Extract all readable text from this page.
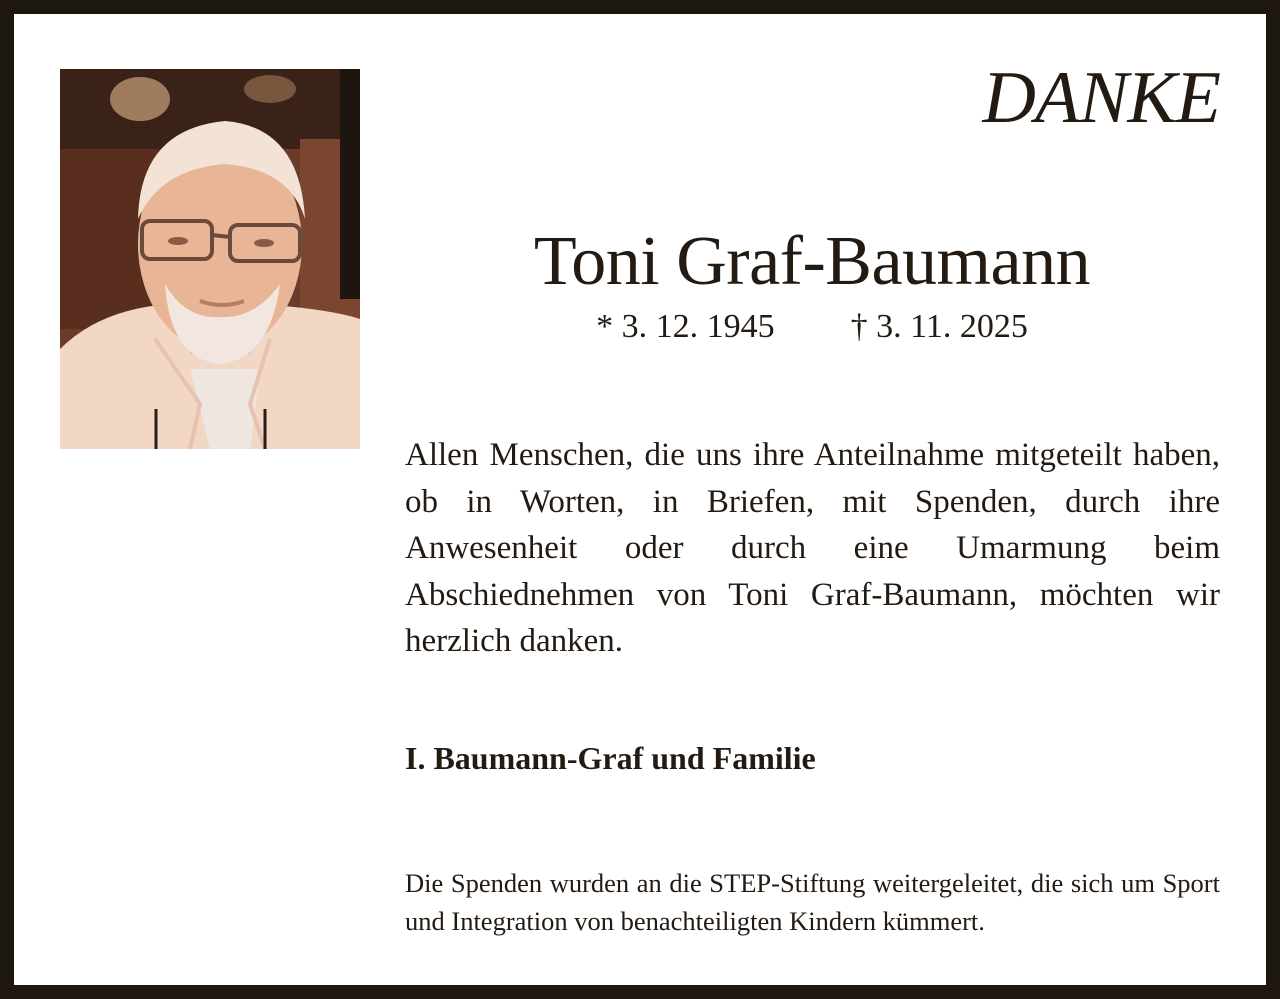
DANKE
Toni Graf-Baumann
* 3. 12. 1945 † 3. 11. 2025

Allen Menschen, die uns ihre Anteilnahme mitgeteilt haben, ob in Worten, in Briefen, mit Spenden, durch ihre Anwesenheit oder durch eine Umarmung beim Abschiednehmen von Toni Graf-Baumann, möchten wir herzlich danken.

I. Baumann-Graf und Familie

Die Spenden wurden an die STEP-Stiftung weitergeleitet, die sich um Sport und Integration von benachteiligten Kindern kümmert.
